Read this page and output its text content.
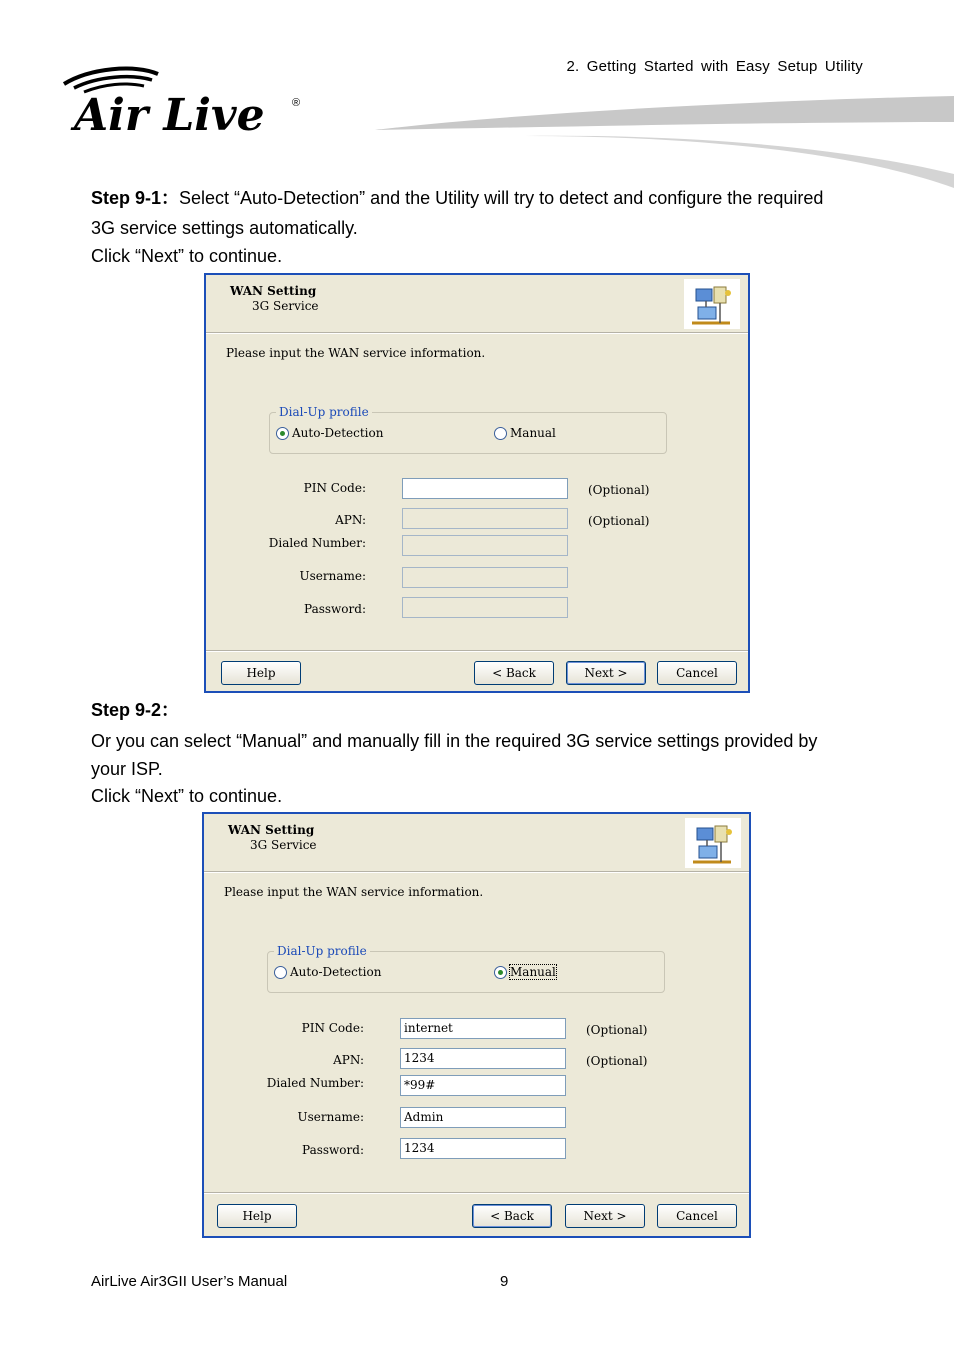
2. Getting Started with Easy Setup Utility
Air Live ®
Step 9-1：Select “Auto-Detection” and the Utility will try to detect and configure the required
3G service settings automatically.
Click “Next” to continue.
WAN Setting
3G Service
Please input the WAN service information.
Dial-Up profile
Auto-Detection	Manual
PIN Code:	(Optional)
APN:	(Optional)
Dialed Number:
Username:
Password:
Help	< Back	Next >	Cancel
Step 9-2：
Or you can select “Manual” and manually fill in the required 3G service settings provided by
your ISP.
Click “Next” to continue.
WAN Setting
3G Service
Please input the WAN service information.
Dial-Up profile
Auto-Detection	Manual
PIN Code:	internet	(Optional)
APN:	1234	(Optional)
Dialed Number:	*99#
Username:	Admin
Password:	1234
Help	< Back	Next >	Cancel
AirLive Air3GII User’s Manual	9
